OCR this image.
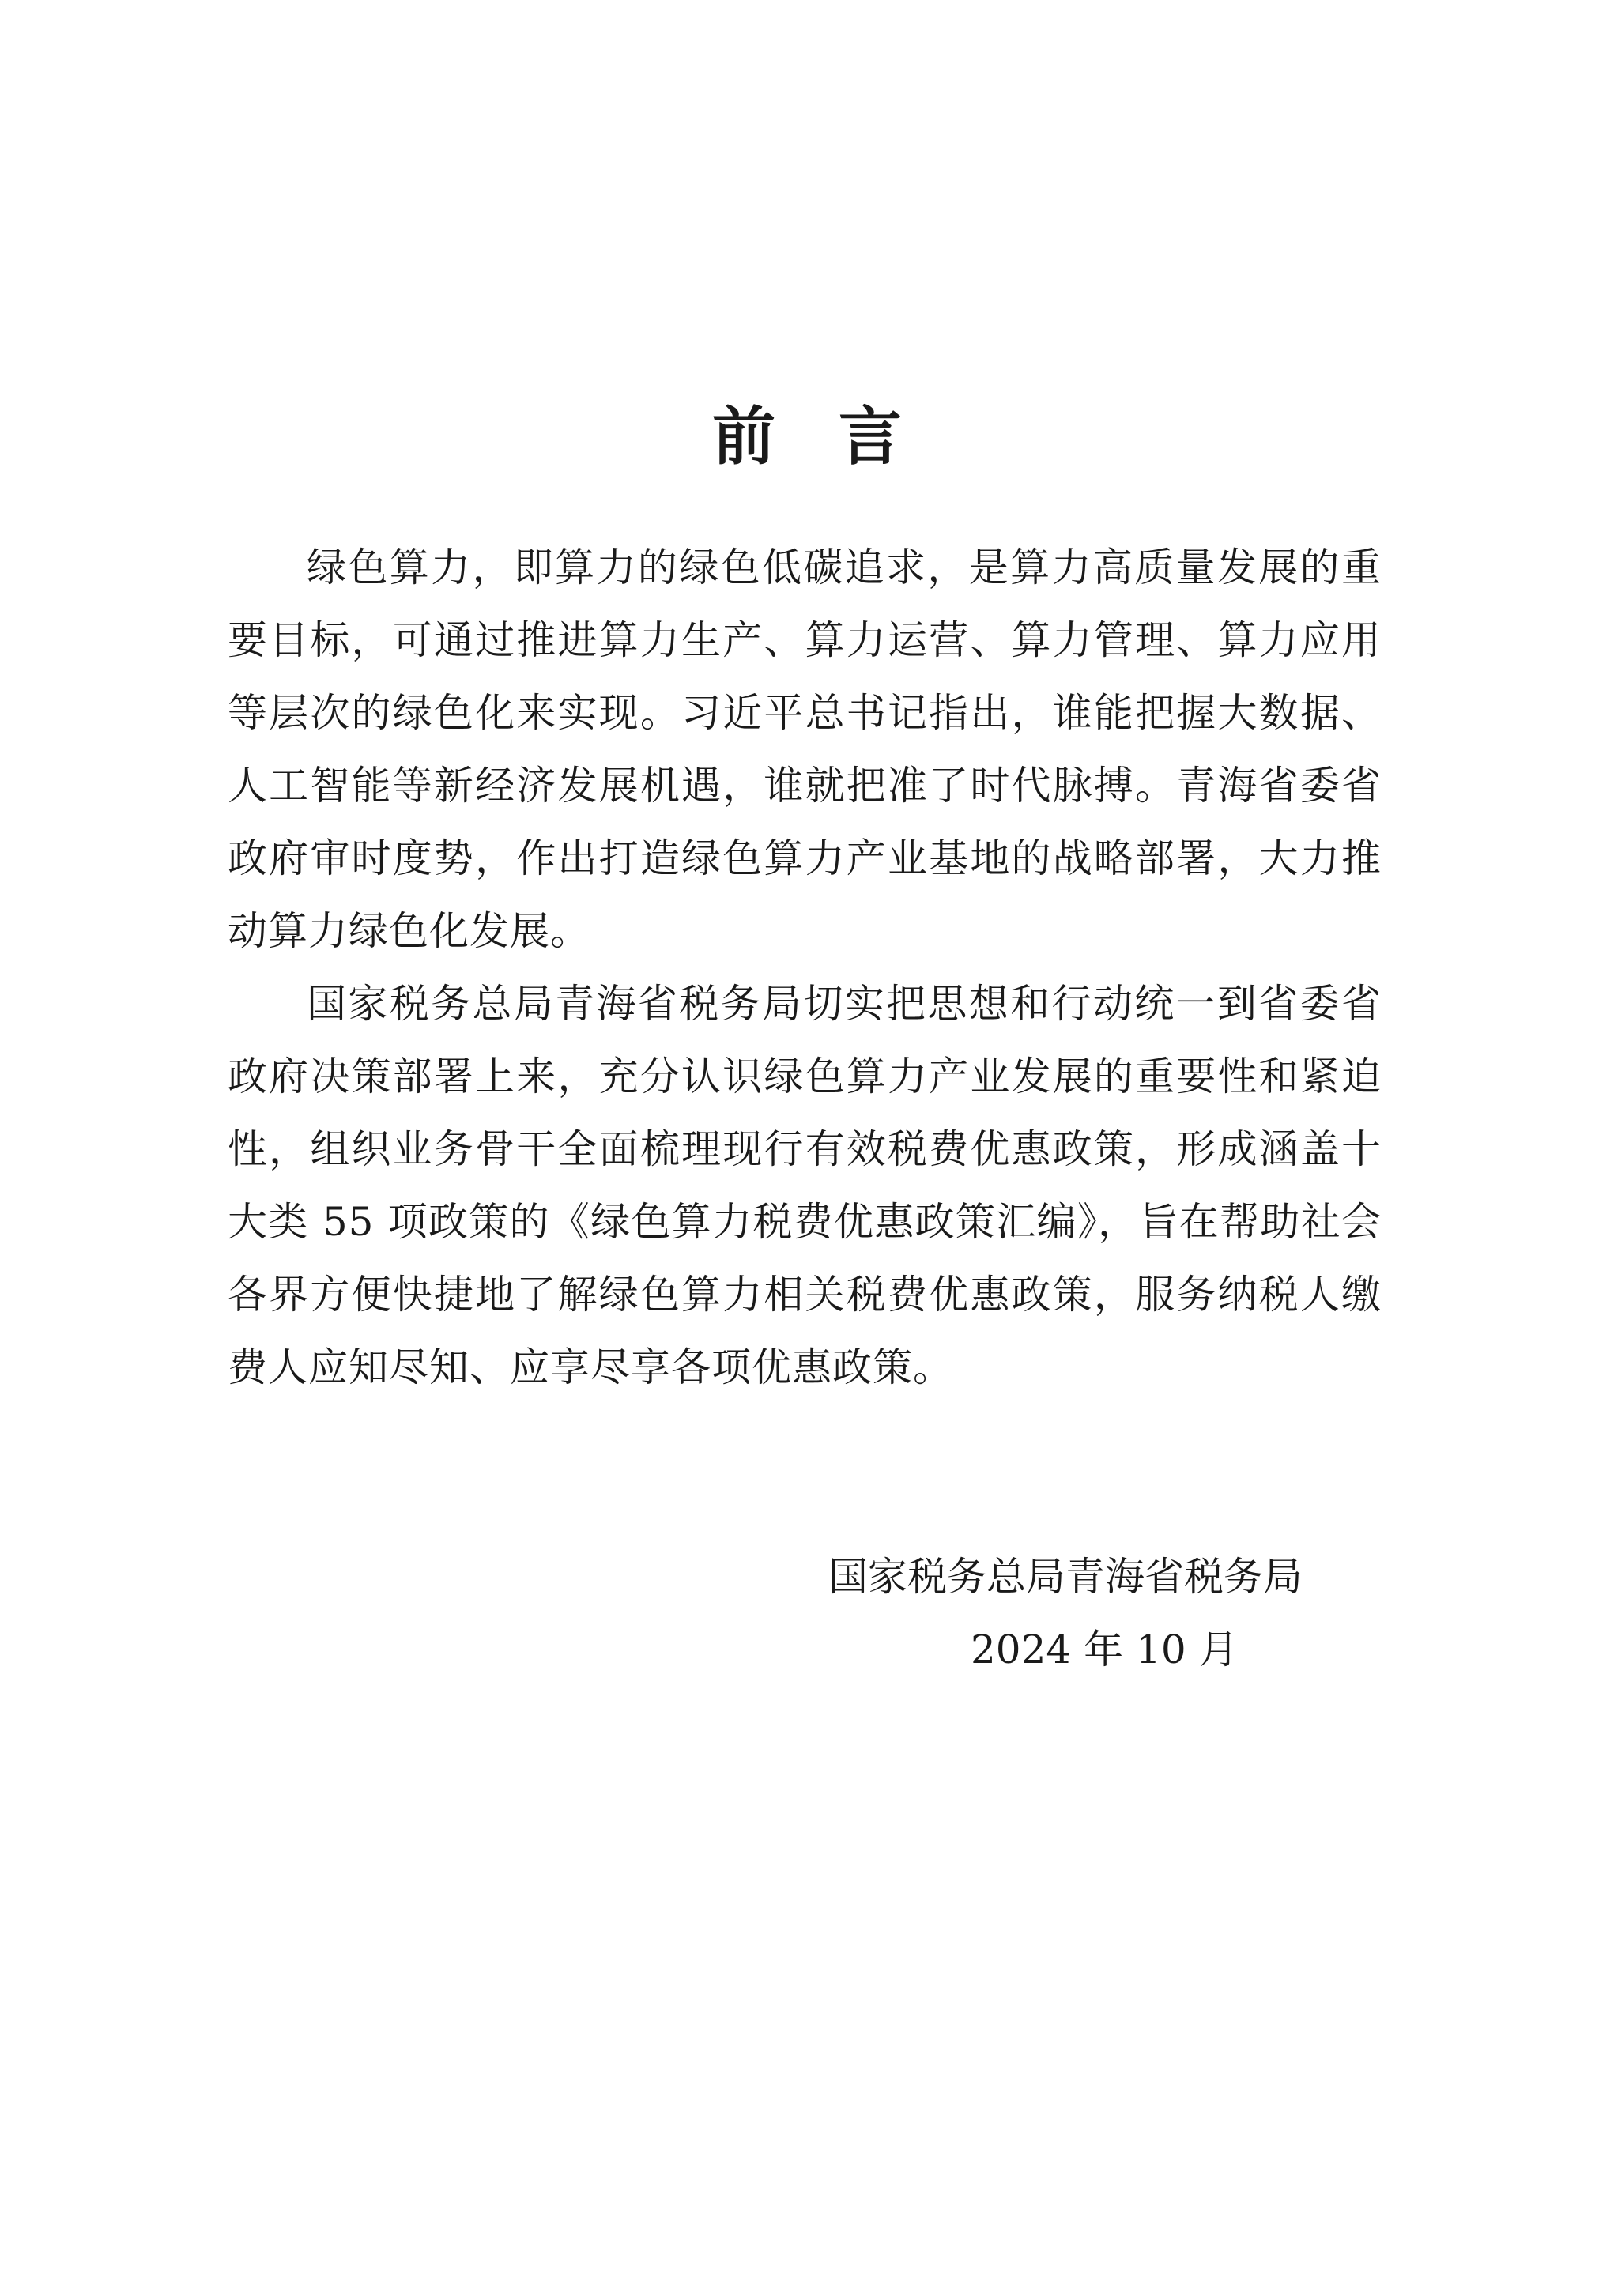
前 言

绿色算力，即算力的绿色低碳追求，是算力高质量发展的重要目标，可通过推进算力生产、算力运营、算力管理、算力应用等层次的绿色化来实现。习近平总书记指出，谁能把握大数据、人工智能等新经济发展机遇，谁就把准了时代脉搏。青海省委省政府审时度势，作出打造绿色算力产业基地的战略部署，大力推动算力绿色化发展。

国家税务总局青海省税务局切实把思想和行动统一到省委省政府决策部署上来，充分认识绿色算力产业发展的重要性和紧迫性，组织业务骨干全面梳理现行有效税费优惠政策，形成涵盖十大类 55 项政策的《绿色算力税费优惠政策汇编》，旨在帮助社会各界方便快捷地了解绿色算力相关税费优惠政策，服务纳税人缴费人应知尽知、应享尽享各项优惠政策。

国家税务总局青海省税务局
2024 年 10 月
